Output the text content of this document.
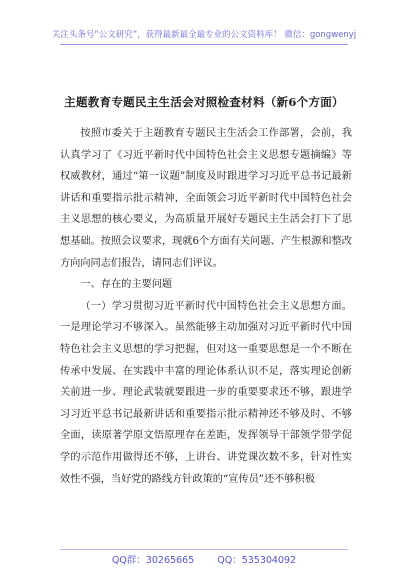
关注头条号“公文研究”，获得最新最全最专业的公文资料库！ 微信：gongwenyj
主题教育专题民主生活会对照检查材料（新6个方面）

按照市委关于主题教育专题民主生活会工作部署，会前，我认真学习了《习近平新时代中国特色社会主义思想专题摘编》等权威教材，通过“第一议题”制度及时跟进学习习近平总书记最新讲话和重要指示批示精神，全面领会习近平新时代中国特色社会主义思想的核心要义，为高质量开展好专题民主生活会打下了思想基础。按照会议要求，现就6个方面有关问题、产生根源和整改方向向同志们报告，请同志们评议。

一、存在的主要问题

（一）学习贯彻习近平新时代中国特色社会主义思想方面。一是理论学习不够深入。虽然能够主动加强对习近平新时代中国特色社会主义思想的学习把握，但对这一重要思想是一个不断在传承中发展、在实践中丰富的理论体系认识不足，落实理论创新关前进一步、理论武装就要跟进一步的重要要求还不够，跟进学习习近平总书记最新讲话和重要指示批示精神还不够及时、不够全面，读原著学原文悟原理存在差距，发挥领导干部领学带学促学的示范作用做得还不够，上讲台、讲党课次数不多，针对性实效性不强，当好党的路线方针政策的“宣传员”还不够积极

QQ群：30265665 QQ：535304092
